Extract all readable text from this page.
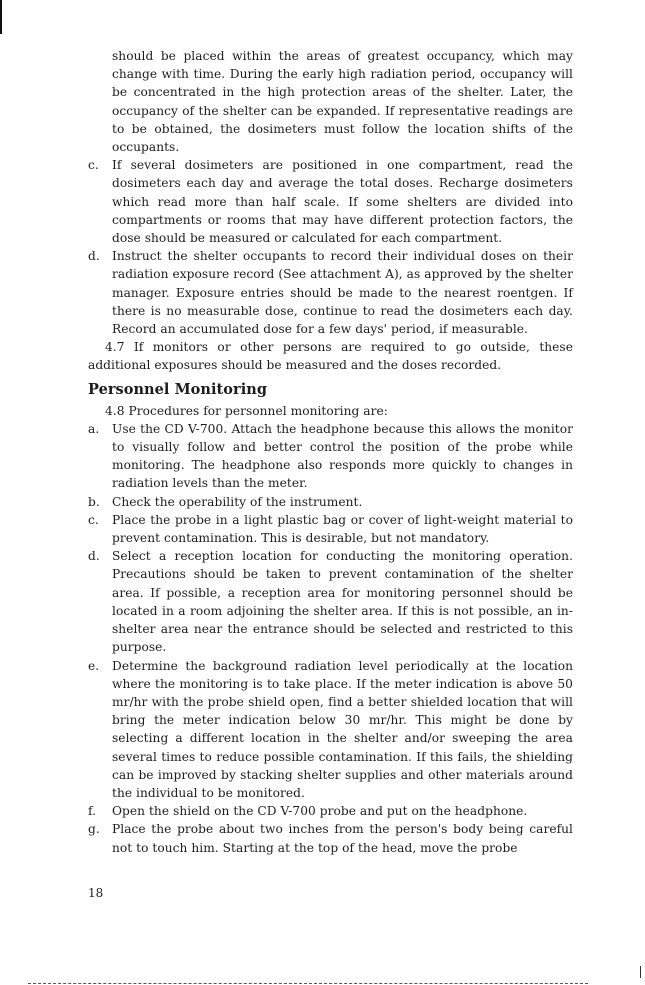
should be placed within the areas of greatest occupancy, which may change with time. During the early high radiation period, occupancy will be concentrated in the high protection areas of the shelter. Later, the occupancy of the shelter can be expanded. If representative readings are to be obtained, the dosimeters must follow the location shifts of the occupants.
c.	If several dosimeters are positioned in one compartment, read the dosimeters each day and average the total doses. Recharge dosimeters which read more than half scale. If some shelters are divided into compartments or rooms that may have different protection factors, the dose should be measured or calculated for each compartment.
d.	Instruct the shelter occupants to record their individual doses on their radiation exposure record (See attachment A), as approved by the shelter manager. Exposure entries should be made to the nearest roentgen. If there is no measurable dose, continue to read the dosimeters each day. Record an accumulated dose for a few days' period, if measurable.
4.7 If monitors or other persons are required to go outside, these additional exposures should be measured and the doses recorded.
Personnel Monitoring
4.8 Procedures for personnel monitoring are:
a.	Use the CD V-700. Attach the headphone because this allows the monitor to visually follow and better control the position of the probe while monitoring. The headphone also responds more quickly to changes in radiation levels than the meter.
b.	Check the operability of the instrument.
c.	Place the probe in a light plastic bag or cover of light-weight material to prevent contamination. This is desirable, but not mandatory.
d.	Select a reception location for conducting the monitoring operation. Precautions should be taken to prevent contamination of the shelter area. If possible, a reception area for monitoring personnel should be located in a room adjoining the shelter area. If this is not possible, an in-shelter area near the entrance should be selected and restricted to this purpose.
e.	Determine the background radiation level periodically at the location where the monitoring is to take place. If the meter indication is above 50 mr/hr with the probe shield open, find a better shielded location that will bring the meter indication below 30 mr/hr. This might be done by selecting a different location in the shelter and/or sweeping the area several times to reduce possible contamination. If this fails, the shielding can be improved by stacking shelter supplies and other materials around the individual to be monitored.
f.	Open the shield on the CD V-700 probe and put on the headphone.
g.	Place the probe about two inches from the person's body being careful not to touch him. Starting at the top of the head, move the probe
18
